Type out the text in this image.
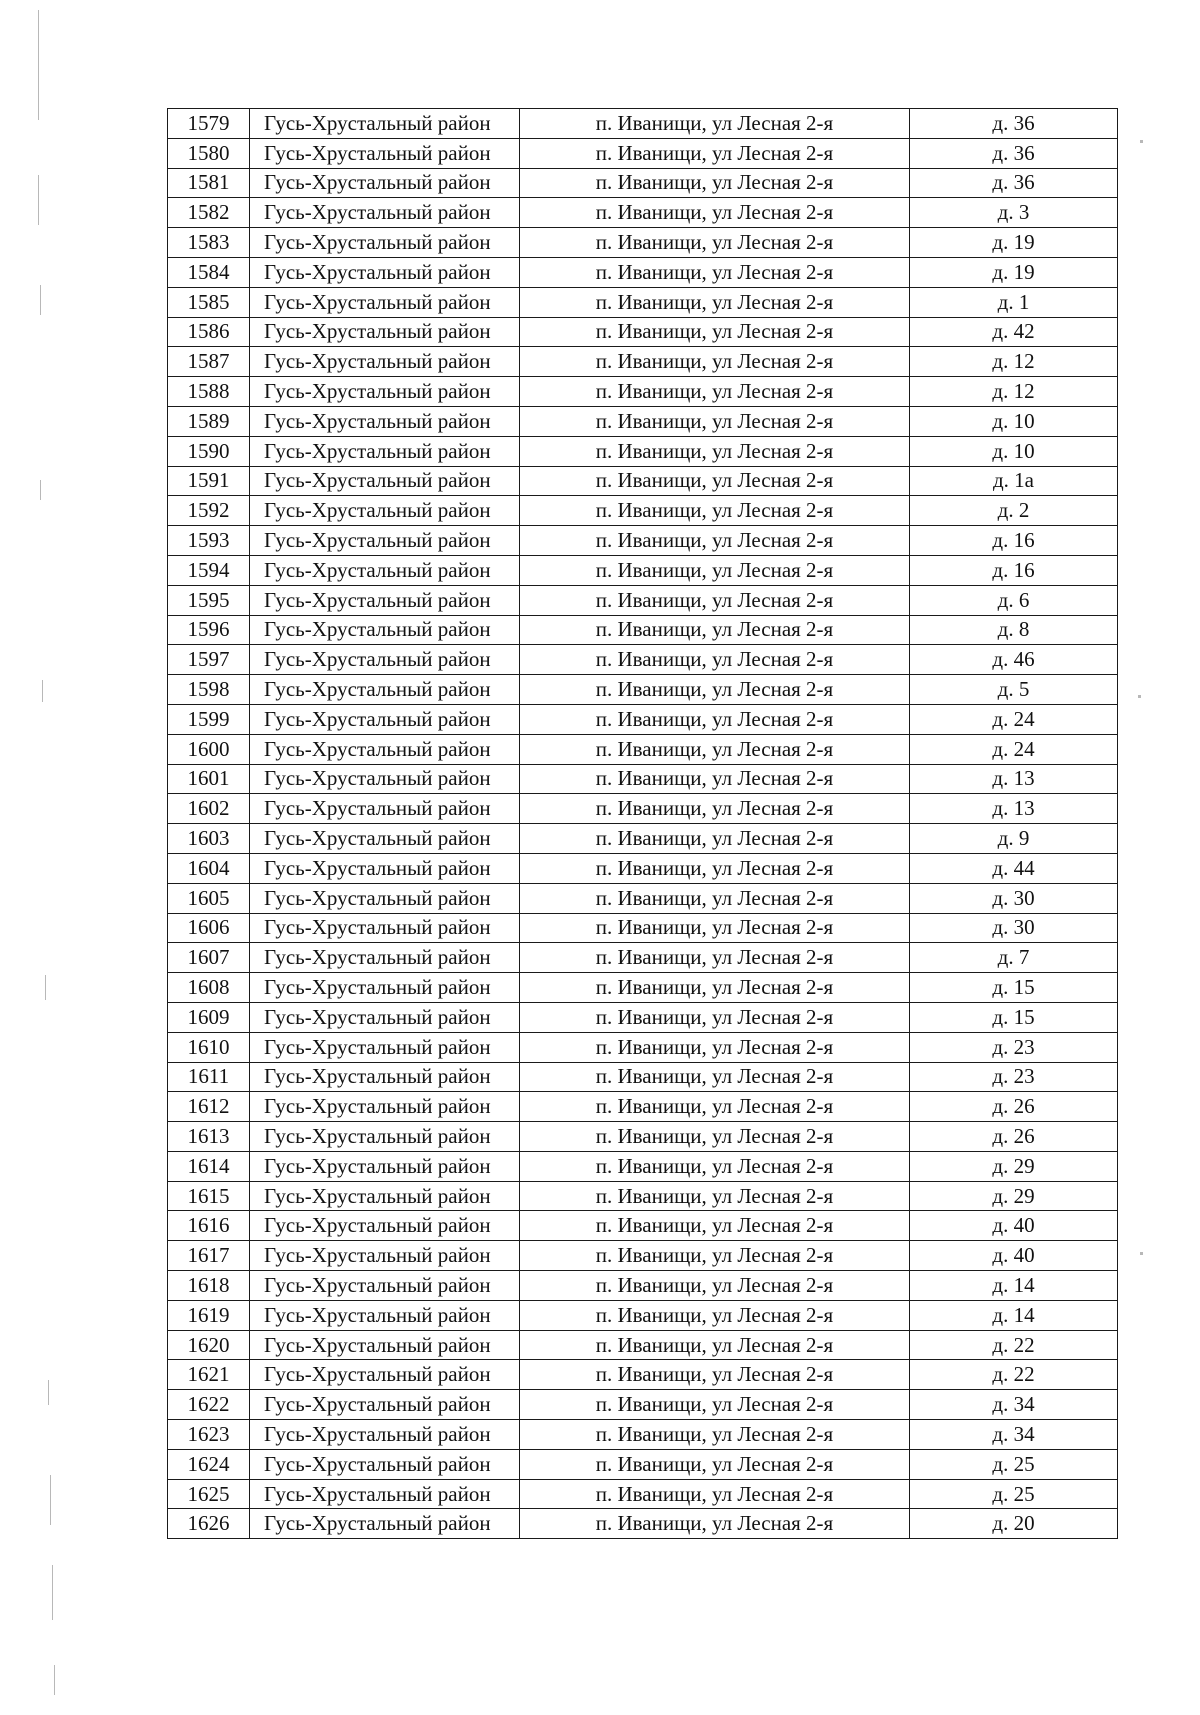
1579	Гусь-Хрустальный район	п. Иванищи, ул Лесная 2-я	д. 36
1580	Гусь-Хрустальный район	п. Иванищи, ул Лесная 2-я	д. 36
1581	Гусь-Хрустальный район	п. Иванищи, ул Лесная 2-я	д. 36
1582	Гусь-Хрустальный район	п. Иванищи, ул Лесная 2-я	д. 3
1583	Гусь-Хрустальный район	п. Иванищи, ул Лесная 2-я	д. 19
1584	Гусь-Хрустальный район	п. Иванищи, ул Лесная 2-я	д. 19
1585	Гусь-Хрустальный район	п. Иванищи, ул Лесная 2-я	д. 1
1586	Гусь-Хрустальный район	п. Иванищи, ул Лесная 2-я	д. 42
1587	Гусь-Хрустальный район	п. Иванищи, ул Лесная 2-я	д. 12
1588	Гусь-Хрустальный район	п. Иванищи, ул Лесная 2-я	д. 12
1589	Гусь-Хрустальный район	п. Иванищи, ул Лесная 2-я	д. 10
1590	Гусь-Хрустальный район	п. Иванищи, ул Лесная 2-я	д. 10
1591	Гусь-Хрустальный район	п. Иванищи, ул Лесная 2-я	д. 1а
1592	Гусь-Хрустальный район	п. Иванищи, ул Лесная 2-я	д. 2
1593	Гусь-Хрустальный район	п. Иванищи, ул Лесная 2-я	д. 16
1594	Гусь-Хрустальный район	п. Иванищи, ул Лесная 2-я	д. 16
1595	Гусь-Хрустальный район	п. Иванищи, ул Лесная 2-я	д. 6
1596	Гусь-Хрустальный район	п. Иванищи, ул Лесная 2-я	д. 8
1597	Гусь-Хрустальный район	п. Иванищи, ул Лесная 2-я	д. 46
1598	Гусь-Хрустальный район	п. Иванищи, ул Лесная 2-я	д. 5
1599	Гусь-Хрустальный район	п. Иванищи, ул Лесная 2-я	д. 24
1600	Гусь-Хрустальный район	п. Иванищи, ул Лесная 2-я	д. 24
1601	Гусь-Хрустальный район	п. Иванищи, ул Лесная 2-я	д. 13
1602	Гусь-Хрустальный район	п. Иванищи, ул Лесная 2-я	д. 13
1603	Гусь-Хрустальный район	п. Иванищи, ул Лесная 2-я	д. 9
1604	Гусь-Хрустальный район	п. Иванищи, ул Лесная 2-я	д. 44
1605	Гусь-Хрустальный район	п. Иванищи, ул Лесная 2-я	д. 30
1606	Гусь-Хрустальный район	п. Иванищи, ул Лесная 2-я	д. 30
1607	Гусь-Хрустальный район	п. Иванищи, ул Лесная 2-я	д. 7
1608	Гусь-Хрустальный район	п. Иванищи, ул Лесная 2-я	д. 15
1609	Гусь-Хрустальный район	п. Иванищи, ул Лесная 2-я	д. 15
1610	Гусь-Хрустальный район	п. Иванищи, ул Лесная 2-я	д. 23
1611	Гусь-Хрустальный район	п. Иванищи, ул Лесная 2-я	д. 23
1612	Гусь-Хрустальный район	п. Иванищи, ул Лесная 2-я	д. 26
1613	Гусь-Хрустальный район	п. Иванищи, ул Лесная 2-я	д. 26
1614	Гусь-Хрустальный район	п. Иванищи, ул Лесная 2-я	д. 29
1615	Гусь-Хрустальный район	п. Иванищи, ул Лесная 2-я	д. 29
1616	Гусь-Хрустальный район	п. Иванищи, ул Лесная 2-я	д. 40
1617	Гусь-Хрустальный район	п. Иванищи, ул Лесная 2-я	д. 40
1618	Гусь-Хрустальный район	п. Иванищи, ул Лесная 2-я	д. 14
1619	Гусь-Хрустальный район	п. Иванищи, ул Лесная 2-я	д. 14
1620	Гусь-Хрустальный район	п. Иванищи, ул Лесная 2-я	д. 22
1621	Гусь-Хрустальный район	п. Иванищи, ул Лесная 2-я	д. 22
1622	Гусь-Хрустальный район	п. Иванищи, ул Лесная 2-я	д. 34
1623	Гусь-Хрустальный район	п. Иванищи, ул Лесная 2-я	д. 34
1624	Гусь-Хрустальный район	п. Иванищи, ул Лесная 2-я	д. 25
1625	Гусь-Хрустальный район	п. Иванищи, ул Лесная 2-я	д. 25
1626	Гусь-Хрустальный район	п. Иванищи, ул Лесная 2-я	д. 20
